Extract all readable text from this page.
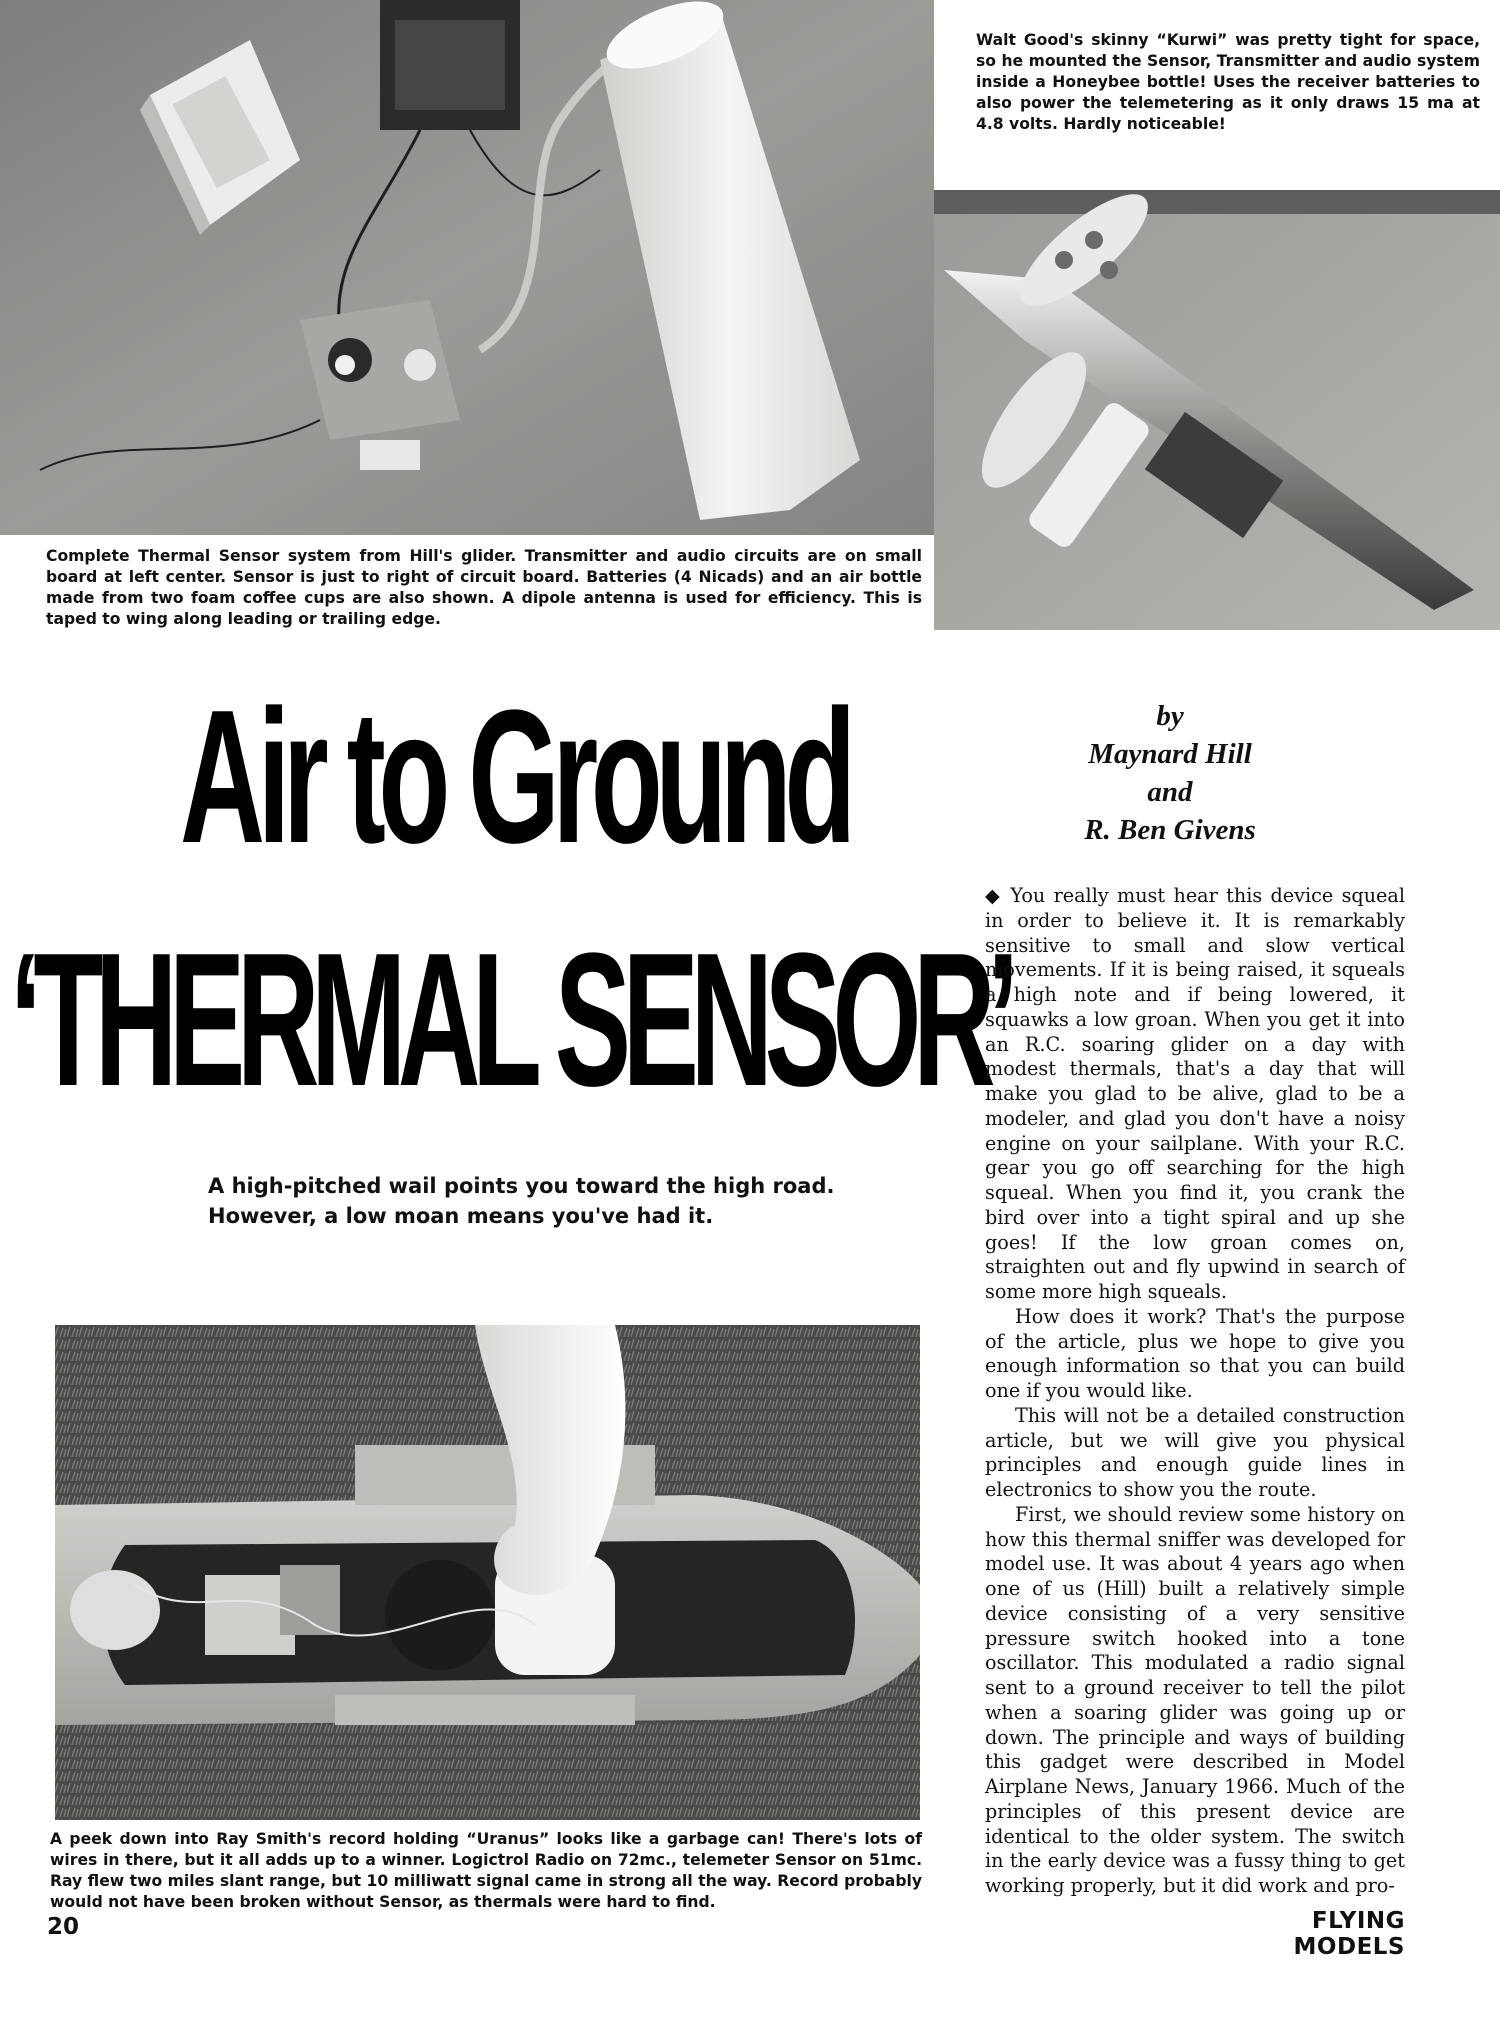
Walt Good's skinny “Kurwi” was pretty tight for space, so he mounted the Sensor, Transmitter and audio system inside a Honeybee bottle! Uses the receiver batteries to also power the telemetering as it only draws 15 ma at 4.8 volts. Hardly noticeable!

Complete Thermal Sensor system from Hill's glider. Transmitter and audio circuits are on small board at left center. Sensor is just to right of circuit board. Batteries (4 Nicads) and an air bottle made from two foam coffee cups are also shown. A dipole antenna is used for efficiency. This is taped to wing along leading or trailing edge.

Air to Ground
‘THERMAL SENSOR’
by
Maynard Hill
and
R. Ben Givens
A high-pitched wail points you toward the high road.
However, a low moan means you've had it.

A peek down into Ray Smith's record holding “Uranus” looks like a garbage can! There's lots of wires in there, but it all adds up to a winner. Logictrol Radio on 72mc., telemeter Sensor on 51mc. Ray flew two miles slant range, but 10 milliwatt signal came in strong all the way. Record probably would not have been broken without Sensor, as thermals were hard to find.

◆ You really must hear this device squeal in order to believe it. It is remarkably sensitive to small and slow vertical movements. If it is being raised, it squeals a high note and if being lowered, it squawks a low groan. When you get it into an R.C. soaring glider on a day with modest thermals, that's a day that will make you glad to be alive, glad to be a modeler, and glad you don't have a noisy engine on your sailplane. With your R.C. gear you go off searching for the high squeal. When you find it, you crank the bird over into a tight spiral and up she goes! If the low groan comes on, straighten out and fly upwind in search of some more high squeals.

How does it work? That's the purpose of the article, plus we hope to give you enough information so that you can build one if you would like.

This will not be a detailed construction article, but we will give you physical principles and enough guide lines in electronics to show you the route.

First, we should review some history on how this thermal sniffer was developed for model use. It was about 4 years ago when one of us (Hill) built a relatively simple device consisting of a very sensitive pressure switch hooked into a tone oscillator. This modulated a radio signal sent to a ground receiver to tell the pilot when a soaring glider was going up or down. The principle and ways of building this gadget were described in Model Airplane News, January 1966. Much of the principles of this present device are identical to the older system. The switch in the early device was a fussy thing to get working properly, but it did work and pro-

20	FLYING MODELS
